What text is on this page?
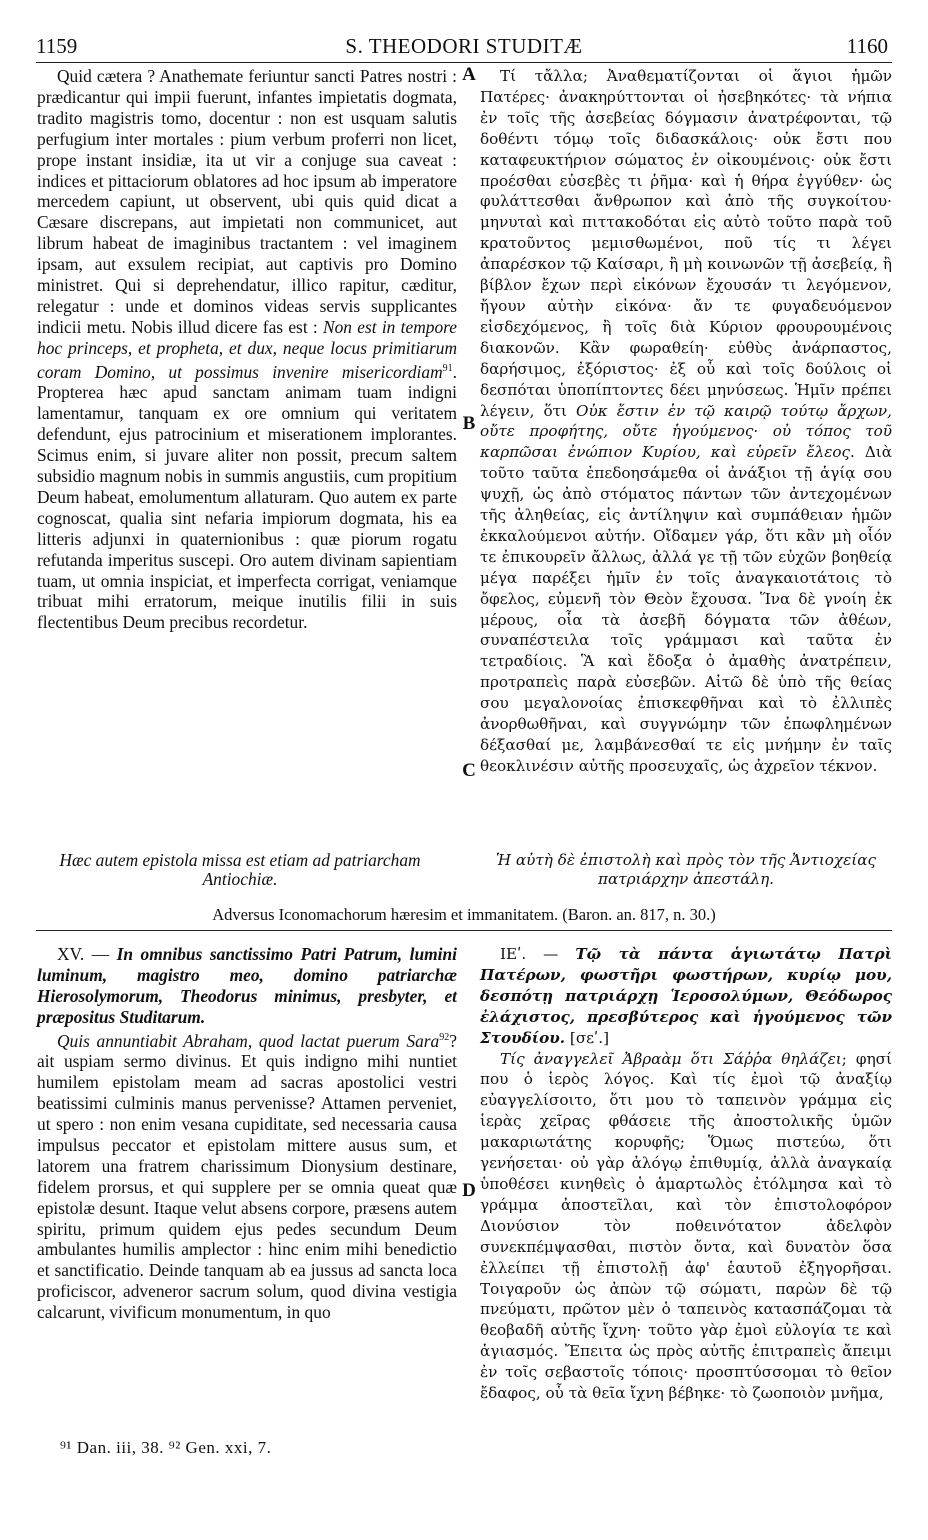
1159	S. THEODORI STUDITÆ	1160
A
B
C
D

Quid cætera ? Anathemate feriuntur sancti Patres nostri : prædicantur qui impii fuerunt, infantes impietatis dogmata, tradito magistris tomo, docentur : non est usquam salutis perfugium inter mortales : pium verbum proferri non licet, prope instant insidiæ, ita ut vir a conjuge sua caveat : indices et pittaciorum oblatores ad hoc ipsum ab imperatore mercedem capiunt, ut observent, ubi quis quid dicat a Cæsare discrepans, aut impietati non communicet, aut librum habeat de imaginibus tractantem : vel imaginem ipsam, aut exsulem recipiat, aut captivis pro Domino ministret. Qui si deprehendatur, illico rapitur, cæditur, relegatur : unde et dominos videas servis supplicantes indicii metu. Nobis illud dicere fas est : Non est in tempore hoc princeps, et propheta, et dux, neque locus primitiarum coram Domino, ut possimus invenire misericordiam$^{91}$. Propterea hæc apud sanctam animam tuam indigni lamentamur, tanquam ex ore omnium qui veritatem defendunt, ejus patrocinium et miserationem implorantes. Scimus enim, si juvare aliter non possit, precum saltem subsidio magnum nobis in summis angustiis, cum propitium Deum habeat, emolumentum allaturam. Quo autem ex parte cognoscat, qualia sint nefaria impiorum dogmata, his ea litteris adjunxi in quaternionibus : quæ piorum rogatu refutanda imperitus suscepi. Oro autem divinam sapientiam tuam, ut omnia inspiciat, et imperfecta corrigat, veniamque tribuat mihi erratorum, meique inutilis filii in suis flectentibus Deum precibus recordetur.

Τί τἄλλα; Ἀναθεματίζονται οἱ ἅγιοι ἡμῶν Πατέρες· ἀνακηρύττονται οἱ ἠσεβηκότες· τὰ νήπια ἐν τοῖς τῆς ἀσεβείας δόγμασιν ἀνατρέφονται, τῷ δοθέντι τόμῳ τοῖς διδασκάλοις· οὐκ ἔστι που καταφευκτήριον σώματος ἐν οἰκουμένοις· οὐκ ἔστι προέσθαι εὐσεβὲς τι ῥῆμα· καὶ ἡ θήρα ἐγγύθεν· ὡς φυλάττεσθαι ἄνθρωπον καὶ ἀπὸ τῆς συγκοίτου· μηνυταὶ καὶ πιττακοδόται εἰς αὐτὸ τοῦτο παρὰ τοῦ κρατοῦντος μεμισθωμένοι, ποῦ τίς τι λέγει ἀπαρέσκον τῷ Καίσαρι, ἢ μὴ κοινωνῶν τῇ ἀσεβείᾳ, ἢ βίβλον ἔχων περὶ εἰκόνων ἔχουσάν τι λεγόμενον, ἤγουν αὐτὴν εἰκόνα· ἄν τε φυγαδευόμενον εἰσδεχόμενος, ἢ τοῖς διὰ Κύριον φρουρουμένοις διακονῶν. Κἂν φωραθείη· εὐθὺς ἀνάρπαστος, δαρήσιμος, ἐξόριστος· ἐξ οὗ καὶ τοῖς δούλοις οἱ δεσπόται ὑποπίπτοντες δέει μηνύσεως. Ἡμῖν πρέπει λέγειν, ὅτι Οὐκ ἔστιν ἐν τῷ καιρῷ τούτῳ ἄρχων, οὔτε προφήτης, οὔτε ἡγούμενος· οὐ τόπος τοῦ καρπῶσαι ἐνώπιον Κυρίου, καὶ εὑρεῖν ἔλεος. Διὰ τοῦτο ταῦτα ἐπεδοησάμεθα οἱ ἀνάξιοι τῇ ἁγίᾳ σου ψυχῇ, ὡς ἀπὸ στόματος πάντων τῶν ἀντεχομένων τῆς ἀληθείας, εἰς ἀντίληψιν καὶ συμπάθειαν ἡμῶν ἐκκαλούμενοι αὐτήν. Οἴδαμεν γάρ, ὅτι κἂν μὴ οἷόν τε ἐπικουρεῖν ἄλλως, ἀλλά γε τῇ τῶν εὐχῶν βοηθείᾳ μέγα παρέξει ἡμῖν ἐν τοῖς ἀναγκαιοτάτοις τὸ ὄφελος, εὐμενῆ τὸν Θεὸν ἔχουσα. Ἵνα δὲ γνοίη ἐκ μέρους, οἷα τὰ ἀσεβῆ δόγματα τῶν ἀθέων, συναπέστειλα τοῖς γράμμασι καὶ ταῦτα ἐν τετραδίοις. Ἃ καὶ ἔδοξα ὁ ἀμαθὴς ἀνατρέπειν, προτραπεὶς παρὰ εὐσεβῶν. Αἰτῶ δὲ ὑπὸ τῆς θείας σου μεγαλονοίας ἐπισκεφθῆναι καὶ τὸ ἐλλιπὲς ἀνορθωθῆναι, καὶ συγγνώμην τῶν ἐπωφλημένων δέξασθαί με, λαμβάνεσθαί τε εἰς μνήμην ἐν ταῖς θεοκλινέσιν αὐτῆς προσευχαῖς, ὡς ἀχρεῖον τέκνον.

Hæc autem epistola missa est etiam ad patriarcham Antiochiæ.
Ἡ αὐτὴ δὲ ἐπιστολὴ καὶ πρὸς τὸν τῆς Ἀντιοχείας πατριάρχην ἀπεστάλη.
Adversus Iconomachorum hæresim et immanitatem. (Baron. an. 817, n. 30.)

XV. — In omnibus sanctissimo Patri Patrum, lumini luminum, magistro meo, domino patriarchæ Hierosolymorum, Theodorus minimus, presbyter, et præpositus Studitarum.

Quis annuntiabit Abraham, quod lactat puerum Sara$^{92}$? ait uspiam sermo divinus. Et quis indigno mihi nuntiet humilem epistolam meam ad sacras apostolici vestri beatissimi culminis manus pervenisse? Attamen perveniet, ut spero : non enim vesana cupiditate, sed necessaria causa impulsus peccator et epistolam mittere ausus sum, et latorem una fratrem charissimum Dionysium destinare, fidelem prorsus, et qui supplere per se omnia queat quæ epistolæ desunt. Itaque velut absens corpore, præsens autem spiritu, primum quidem ejus pedes secundum Deum ambulantes humilis amplector : hinc enim mihi benedictio et sanctificatio. Deinde tanquam ab ea jussus ad sancta loca proficiscor, adveneror sacrum solum, quod divina vestigia calcarunt, vivificum monumentum, in quo

ΙΕʹ. — Τῷ τὰ πάντα ἁγιωτάτῳ Πατρὶ Πατέρων, φωστῆρι φωστήρων, κυρίῳ μου, δεσπότῃ πατριάρχῃ Ἱεροσολύμων, Θεόδωρος ἐλάχιστος, πρεσβύτερος καὶ ἡγούμενος τῶν Στουδίου. [σεʹ.]

Τίς ἀναγγελεῖ Ἀβραὰμ ὅτι Σάῤῥα θηλάζει; φησί που ὁ ἱερὸς λόγος. Καὶ τίς ἐμοὶ τῷ ἀναξίῳ εὐαγγελίσοιτο, ὅτι μου τὸ ταπεινὸν γράμμα εἰς ἱερὰς χεῖρας φθάσειε τῆς ἀποστολικῆς ὑμῶν μακαριωτάτης κορυφῆς; Ὅμως πιστεύω, ὅτι γενήσεται· οὐ γὰρ ἀλόγῳ ἐπιθυμίᾳ, ἀλλὰ ἀναγκαίᾳ ὑποθέσει κινηθεὶς ὁ ἁμαρτωλὸς ἐτόλμησα καὶ τὸ γράμμα ἀποστεῖλαι, καὶ τὸν ἐπιστολοφόρον Διονύσιον τὸν ποθεινότατον ἀδελφὸν συνεκπέμψασθαι, πιστὸν ὄντα, καὶ δυνατὸν ὅσα ἐλλείπει τῇ ἐπιστολῇ ἀφ' ἑαυτοῦ ἐξηγορῆσαι. Τοιγαροῦν ὡς ἀπὼν τῷ σώματι, παρὼν δὲ τῷ πνεύματι, πρῶτον μὲν ὁ ταπεινὸς κατασπάζομαι τὰ θεοβαδῆ αὐτῆς ἴχνη· τοῦτο γὰρ ἐμοὶ εὐλογία τε καὶ ἁγιασμός. Ἔπειτα ὡς πρὸς αὐτῆς ἐπιτραπεὶς ἄπειμι ἐν τοῖς σεβαστοῖς τόποις· προσπτύσσομαι τὸ θεῖον ἔδαφος, οὗ τὰ θεῖα ἴχνη βέβηκε· τὸ ζωοποιὸν μνῆμα,

⁹¹ Dan. iii, 38. ⁹² Gen. xxi, 7.
